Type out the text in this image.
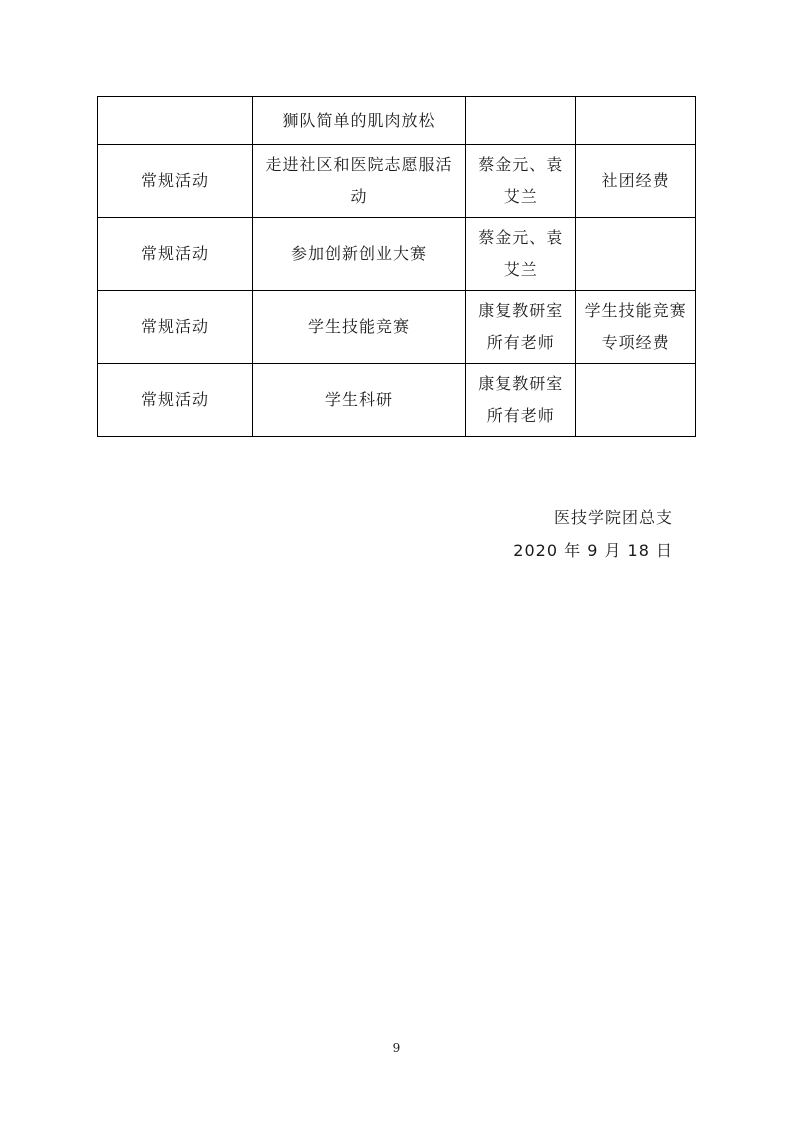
	狮队简单的肌肉放松		
常规活动	走进社区和医院志愿服活动	蔡金元、袁艾兰	社团经费
常规活动	参加创新创业大赛	蔡金元、袁艾兰	
常规活动	学生技能竞赛	康复教研室所有老师	学生技能竞赛专项经费
常规活动	学生科研	康复教研室所有老师	
医技学院团总支
2020 年 9 月 18 日
9
